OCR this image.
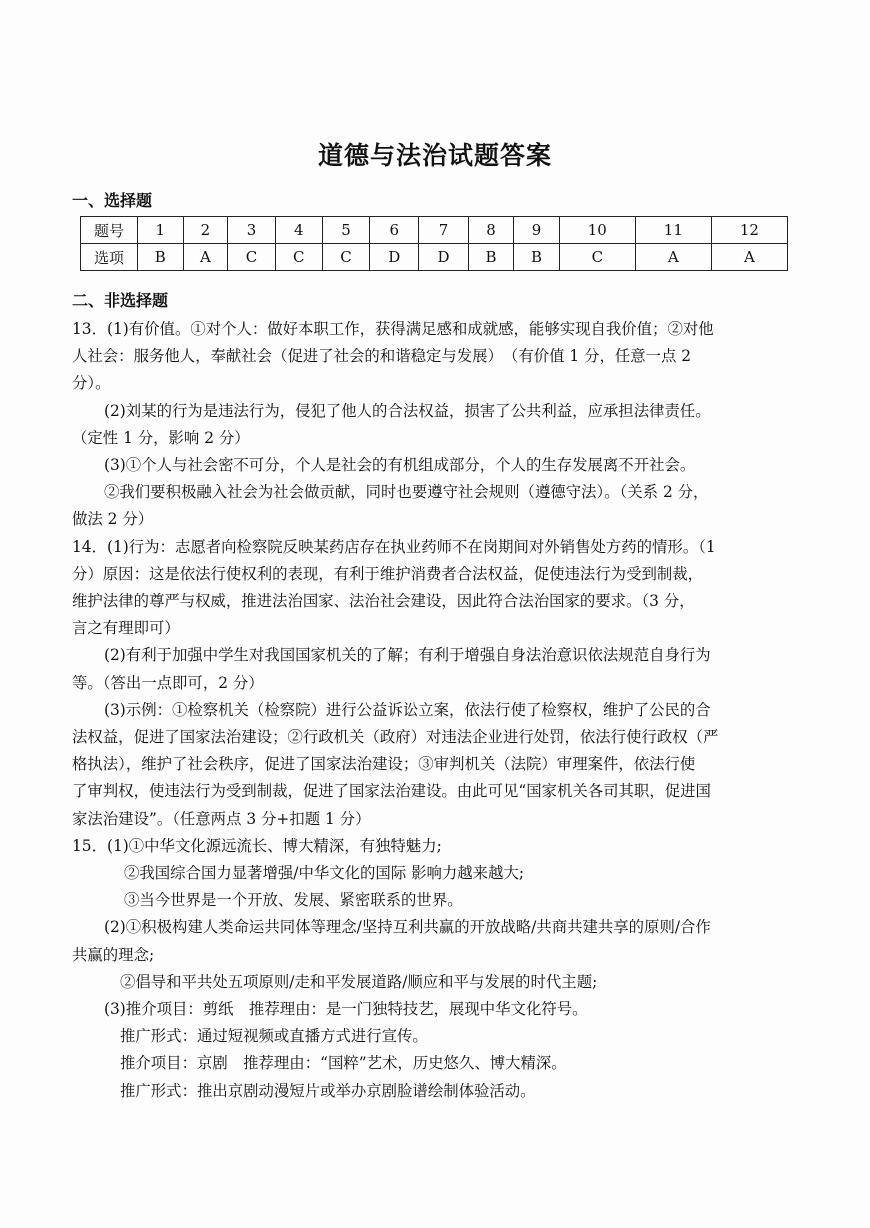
道德与法治试题答案
一、选择题
题号	1	2	3	4	5	6	7	8	9	10	11	12
选项	B	A	C	C	C	D	D	B	B	C	A	A
二、非选择题

13．(1)有价值。①对个人：做好本职工作，获得满足感和成就感，能够实现自我价值；②对他

人社会：服务他人，奉献社会（促进了社会的和谐稳定与发展）　（有价值 1 分，任意一点 2

分）。

(2)刘某的行为是违法行为，侵犯了他人的合法权益，损害了公共利益，应承担法律责任。

（定性 1 分，影响 2 分）

(3)①个人与社会密不可分，个人是社会的有机组成部分，个人的生存发展离不开社会。

②我们要积极融入社会为社会做贡献，同时也要遵守社会规则（遵德守法）。（关系 2 分，

做法 2 分）

14．(1)行为：志愿者向检察院反映某药店存在执业药师不在岗期间对外销售处方药的情形。（1

分）原因：这是依法行使权利的表现，有利于维护消费者合法权益，促使违法行为受到制裁，

维护法律的尊严与权威，推进法治国家、法治社会建设，因此符合法治国家的要求。（3 分，

言之有理即可）

(2)有利于加强中学生对我国国家机关的了解；有利于增强自身法治意识依法规范自身行为

等。（答出一点即可，2 分）

(3)示例：①检察机关（检察院）进行公益诉讼立案，依法行使了检察权，维护了公民的合

法权益，促进了国家法治建设；②行政机关（政府）对违法企业进行处罚，依法行使行政权（严

格执法），维护了社会秩序，促进了国家法治建设；③审判机关（法院）审理案件，依法行使

了审判权，使违法行为受到制裁，促进了国家法治建设。由此可见“国家机关各司其职，促进国

家法治建设”。（任意两点 3 分+扣题 1 分）

15．(1)①中华文化源远流长、博大精深，有独特魅力;

②我国综合国力显著增强/中华文化的国际 影响力越来越大;

③当今世界是一个开放、发展、紧密联系的世界。

(2)①积极构建人类命运共同体等理念/坚持互利共赢的开放战略/共商共建共享的原则/合作

共赢的理念;

②倡导和平共处五项原则/走和平发展道路/顺应和平与发展的时代主题;

(3)推介项目：剪纸　推荐理由：是一门独特技艺，展现中华文化符号。

推广形式：通过短视频或直播方式进行宣传。

推介项目：京剧　推荐理由：“国粹”艺术，历史悠久、博大精深。

推广形式：推出京剧动漫短片或举办京剧脸谱绘制体验活动。
